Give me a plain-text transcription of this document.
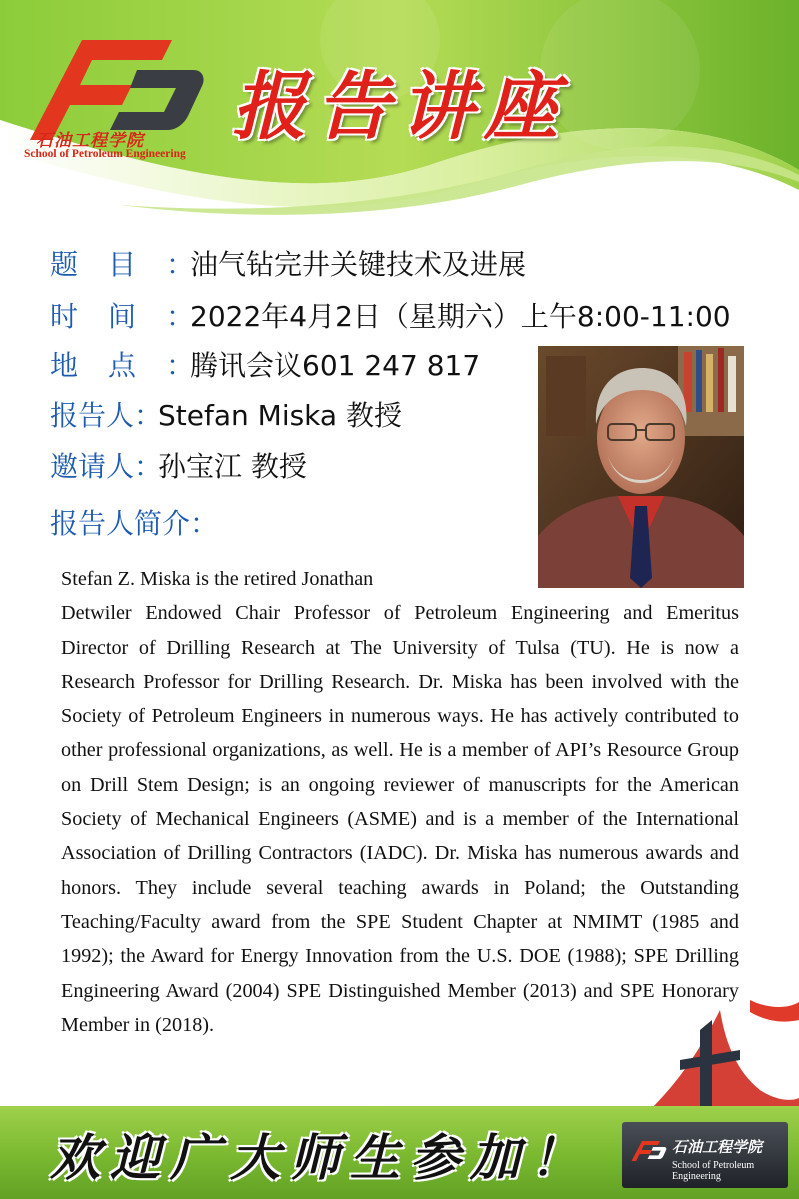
石油工程学院
School of Petroleum Engineering
报告讲座
题目：油气钻完井关键技术及进展
时间：2022年4月2日（星期六）上午8:00-11:00
地点：腾讯会议601 247 817
报告人：Stefan Miska 教授
邀请人：孙宝江 教授
报告人简介：
Stefan Z. Miska is the retired Jonathan
Detwiler Endowed Chair Professor of Petroleum Engineering and Emeritus Director of Drilling Research at The University of Tulsa (TU). He is now a Research Professor for Drilling Research. Dr. Miska has been involved with the Society of Petroleum Engineers in numerous ways. He has actively contributed to other professional organizations, as well. He is a member of API’s Resource Group on Drill Stem Design; is an ongoing reviewer of manuscripts for the American Society of Mechanical Engineers (ASME) and is a member of the International Association of Drilling Contractors (IADC). Dr. Miska has numerous awards and honors. They include several teaching awards in Poland; the Outstanding Teaching/Faculty award from the SPE Student Chapter at NMIMT (1985 and 1992); the Award for Energy Innovation from the U.S. DOE (1988); SPE Drilling Engineering Award (2004) SPE Distinguished Member (2013) and SPE Honorary Member in (2018).
欢迎广大师生参加！	石油工程学院
School of Petroleum Engineering
